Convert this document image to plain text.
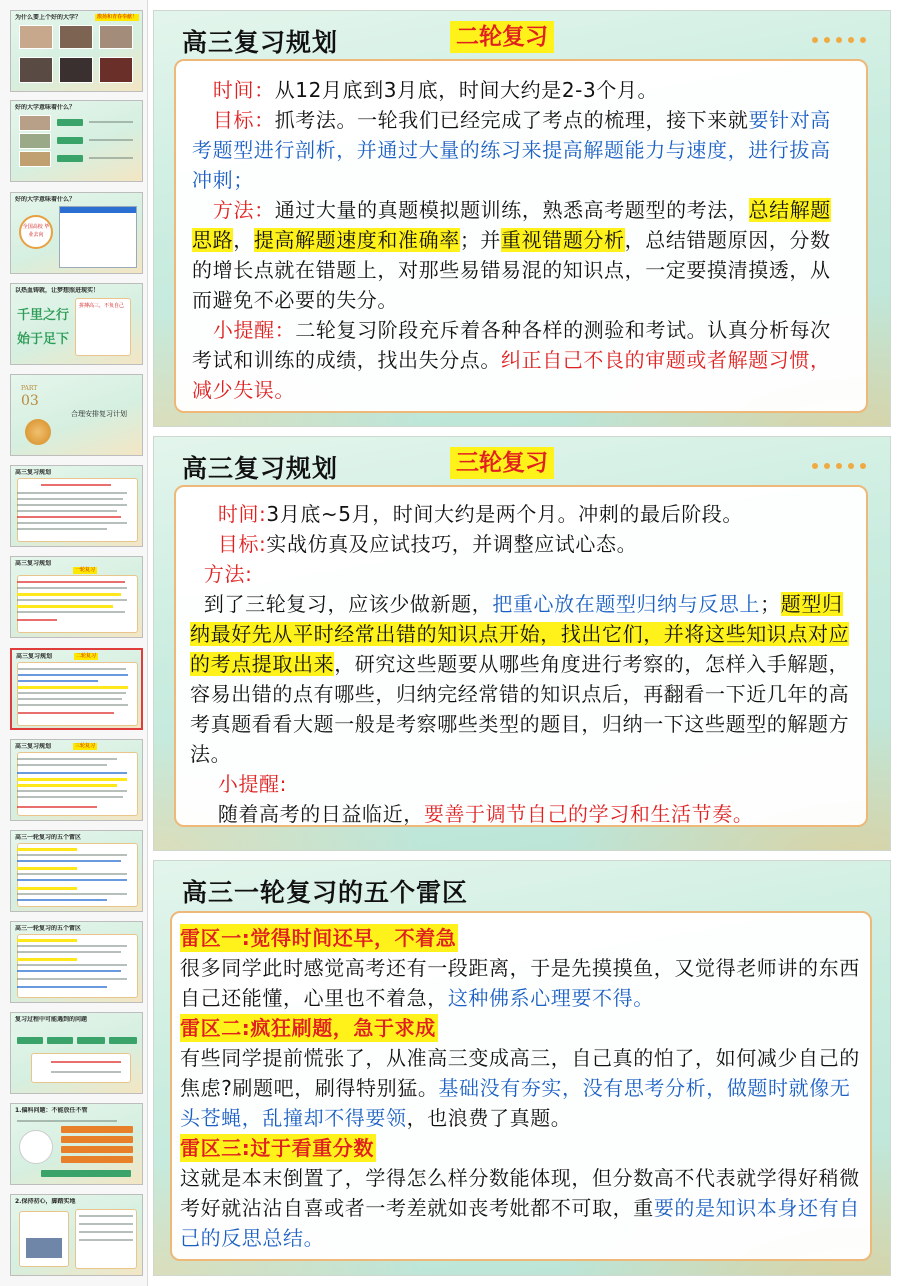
为什么要上个好的大学？	激扬和青春奉献！
好的大学意味着什么？
好的大学意味着什么？
全国高校 毕业去向
以热血铸就，让梦想照进现实！
千里之行
始于足下
拼搏高三，不负自己
PART
03
合理安排复习计划
高三复习规划
高三复习规划
一轮复习
高三复习规划	二轮复习
高三复习规划	三轮复习
高三一轮复习的五个雷区
高三一轮复习的五个雷区
复习过程中可能遇到的问题
1.偏科问题：不能放任不管
2.保持初心，脚踏实地
高三复习规划	二轮复习
时间：从12月底到3月底，时间大约是2-3个月。
目标：抓考法。一轮我们已经完成了考点的梳理，接下来就要针对高考题型进行剖析，并通过大量的练习来提高解题能力与速度，进行拔高冲刺；
方法：通过大量的真题模拟题训练，熟悉高考题型的考法，总结解题思路，提高解题速度和准确率；并重视错题分析，总结错题原因，分数的增长点就在错题上，对那些易错易混的知识点，一定要摸清摸透，从而避免不必要的失分。
小提醒：二轮复习阶段充斥着各种各样的测验和考试。认真分析每次考试和训练的成绩，找出失分点。纠正自己不良的审题或者解题习惯，减少失误。
高三复习规划	三轮复习
时间:3月底~5月，时间大约是两个月。冲刺的最后阶段。
目标:实战仿真及应试技巧，并调整应试心态。
方法:
到了三轮复习，应该少做新题，把重心放在题型归纳与反思上；题型归纳最好先从平时经常出错的知识点开始，找出它们，并将这些知识点对应的考点提取出来，研究这些题要从哪些角度进行考察的，怎样入手解题，容易出错的点有哪些，归纳完经常错的知识点后，再翻看一下近几年的高考真题看看大题一般是考察哪些类型的题目，归纳一下这些题型的解题方法。
小提醒:
随着高考的日益临近，要善于调节自己的学习和生活节奏。
高三一轮复习的五个雷区
雷区一:觉得时间还早，不着急
很多同学此时感觉高考还有一段距离，于是先摸摸鱼，又觉得老师讲的东西自己还能懂，心里也不着急，这种佛系心理要不得。
雷区二:疯狂刷题，急于求成
有些同学提前慌张了，从准高三变成高三，自己真的怕了，如何减少自己的焦虑?刷题吧，刷得特别猛。基础没有夯实，没有思考分析，做题时就像无头苍蝇，乱撞却不得要领，也浪费了真题。
雷区三:过于看重分数
这就是本末倒置了，学得怎么样分数能体现，但分数高不代表就学得好稍微考好就沾沾自喜或者一考差就如丧考妣都不可取，重要的是知识本身还有自己的反思总结。
